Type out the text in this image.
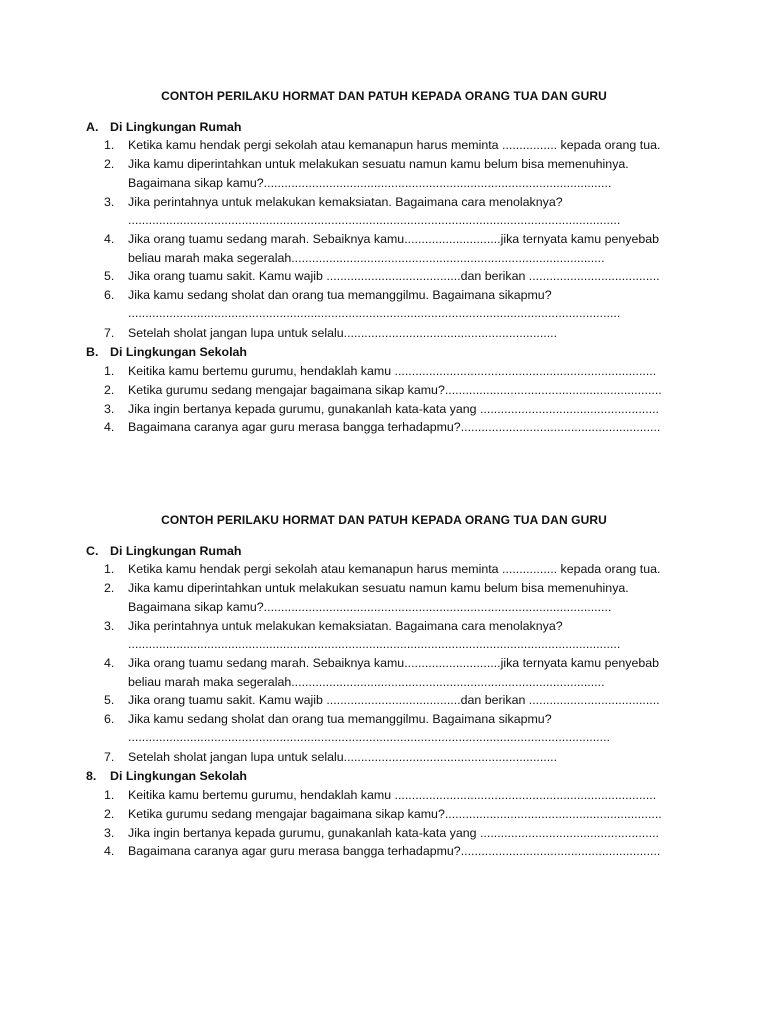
CONTOH PERILAKU HORMAT DAN PATUH KEPADA ORANG TUA DAN GURU
A. Di Lingkungan Rumah
1.	Ketika kamu hendak pergi sekolah atau kemanapun harus meminta ................ kepada orang tua.
2.	Jika kamu diperintahkan untuk melakukan sesuatu namun kamu belum bisa memenuhinya.
Bagaimana sikap kamu?.....................................................................................................
3.	Jika perintahnya untuk melakukan kemaksiatan. Bagaimana cara menolaknya?
...............................................................................................................................................
4.	Jika orang tuamu sedang marah. Sebaiknya kamu............................jika ternyata kamu penyebab
beliau marah maka segeralah...........................................................................................
5.	Jika orang tuamu sakit. Kamu wajib .......................................dan berikan ......................................
6.	Jika kamu sedang sholat dan orang tua memanggilmu. Bagaimana sikapmu?
...............................................................................................................................................
7.	Setelah sholat jangan lupa untuk selalu..............................................................
B. Di Lingkungan Sekolah
1.	Keitika kamu bertemu gurumu, hendaklah kamu ............................................................................
2.	Ketika gurumu sedang mengajar bagaimana sikap kamu?...............................................................
3.	Jika ingin bertanya kepada gurumu, gunakanlah kata-kata yang ....................................................
4.	Bagaimana caranya agar guru merasa bangga terhadapmu?..........................................................
CONTOH PERILAKU HORMAT DAN PATUH KEPADA ORANG TUA DAN GURU
C. Di Lingkungan Rumah
1.	Ketika kamu hendak pergi sekolah atau kemanapun harus meminta ................ kepada orang tua.
2.	Jika kamu diperintahkan untuk melakukan sesuatu namun kamu belum bisa memenuhinya.
Bagaimana sikap kamu?.....................................................................................................
3.	Jika perintahnya untuk melakukan kemaksiatan. Bagaimana cara menolaknya?
...............................................................................................................................................
4.	Jika orang tuamu sedang marah. Sebaiknya kamu............................jika ternyata kamu penyebab
beliau marah maka segeralah...........................................................................................
5.	Jika orang tuamu sakit. Kamu wajib .......................................dan berikan ......................................
6.	Jika kamu sedang sholat dan orang tua memanggilmu. Bagaimana sikapmu?
............................................................................................................................................
7.	Setelah sholat jangan lupa untuk selalu..............................................................
8. Di Lingkungan Sekolah
1.	Keitika kamu bertemu gurumu, hendaklah kamu ............................................................................
2.	Ketika gurumu sedang mengajar bagaimana sikap kamu?...............................................................
3.	Jika ingin bertanya kepada gurumu, gunakanlah kata-kata yang ....................................................
4.	Bagaimana caranya agar guru merasa bangga terhadapmu?..........................................................
